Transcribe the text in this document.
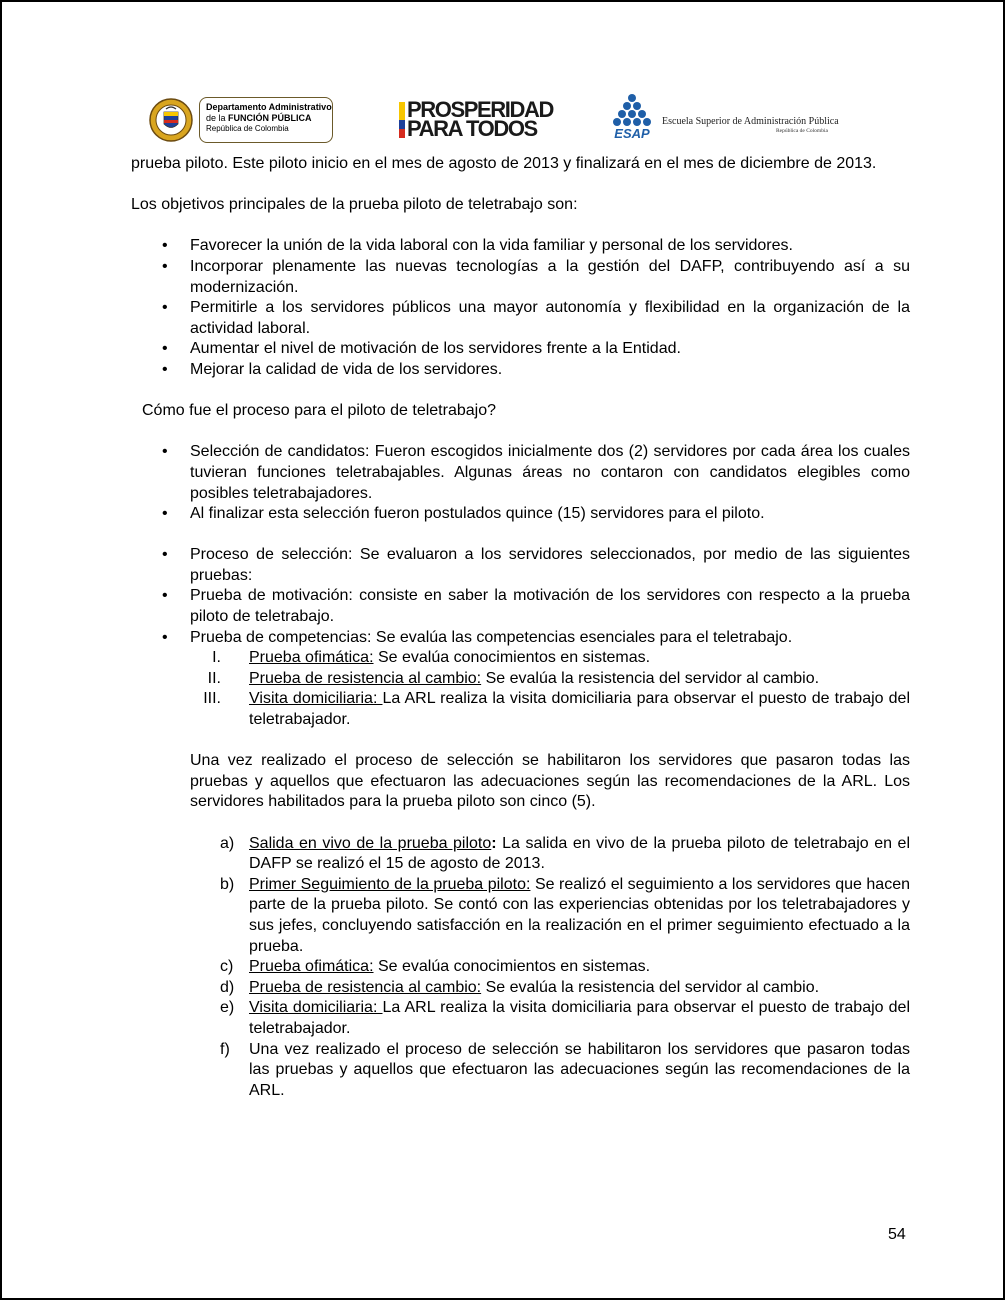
Departamento Administrativo
de la FUNCIÓN PÚBLICA
República de Colombia
PROSPERIDAD
PARA TODOS	ESAP
Escuela Superior de Administración Pública
República de Colombia

prueba piloto. Este piloto inicio en el mes de agosto de 2013 y finalizará en el mes de diciembre de 2013.

Los objetivos principales de la prueba piloto de teletrabajo son:

• Favorecer la unión de la vida laboral con la vida familiar y personal de los servidores.
• Incorporar plenamente las nuevas tecnologías a la gestión del DAFP, contribuyendo así a su modernización.
• Permitirle a los servidores públicos una mayor autonomía y flexibilidad en la organización de la actividad laboral.
• Aumentar el nivel de motivación de los servidores frente a la Entidad.
• Mejorar la calidad de vida de los servidores.

Cómo fue el proceso para el piloto de teletrabajo?

• Selección de candidatos: Fueron escogidos inicialmente dos (2) servidores por cada área los cuales tuvieran funciones teletrabajables. Algunas áreas no contaron con candidatos elegibles como posibles teletrabajadores.
• Al finalizar esta selección fueron postulados quince (15) servidores para el piloto.
• Proceso de selección: Se evaluaron a los servidores seleccionados, por medio de las siguientes pruebas:
• Prueba de motivación: consiste en saber la motivación de los servidores con respecto a la prueba piloto de teletrabajo.
• Prueba de competencias: Se evalúa las competencias esenciales para el teletrabajo.
I. Prueba ofimática: Se evalúa conocimientos en sistemas.
II. Prueba de resistencia al cambio: Se evalúa la resistencia del servidor al cambio.
III. Visita domiciliaria: La ARL realiza la visita domiciliaria para observar el puesto de trabajo del teletrabajador.

Una vez realizado el proceso de selección se habilitaron los servidores que pasaron todas las pruebas y aquellos que efectuaron las adecuaciones según las recomendaciones de la ARL. Los servidores habilitados para la prueba piloto son cinco (5).

a) Salida en vivo de la prueba piloto: La salida en vivo de la prueba piloto de teletrabajo en el DAFP se realizó el 15 de agosto de 2013.
b) Primer Seguimiento de la prueba piloto: Se realizó el seguimiento a los servidores que hacen parte de la prueba piloto. Se contó con las experiencias obtenidas por los teletrabajadores y sus jefes, concluyendo satisfacción en la realización en el primer seguimiento efectuado a la prueba.
c) Prueba ofimática: Se evalúa conocimientos en sistemas.
d) Prueba de resistencia al cambio: Se evalúa la resistencia del servidor al cambio.
e) Visita domiciliaria: La ARL realiza la visita domiciliaria para observar el puesto de trabajo del teletrabajador.
f) Una vez realizado el proceso de selección se habilitaron los servidores que pasaron todas las pruebas y aquellos que efectuaron las adecuaciones según las recomendaciones de la ARL.
54
